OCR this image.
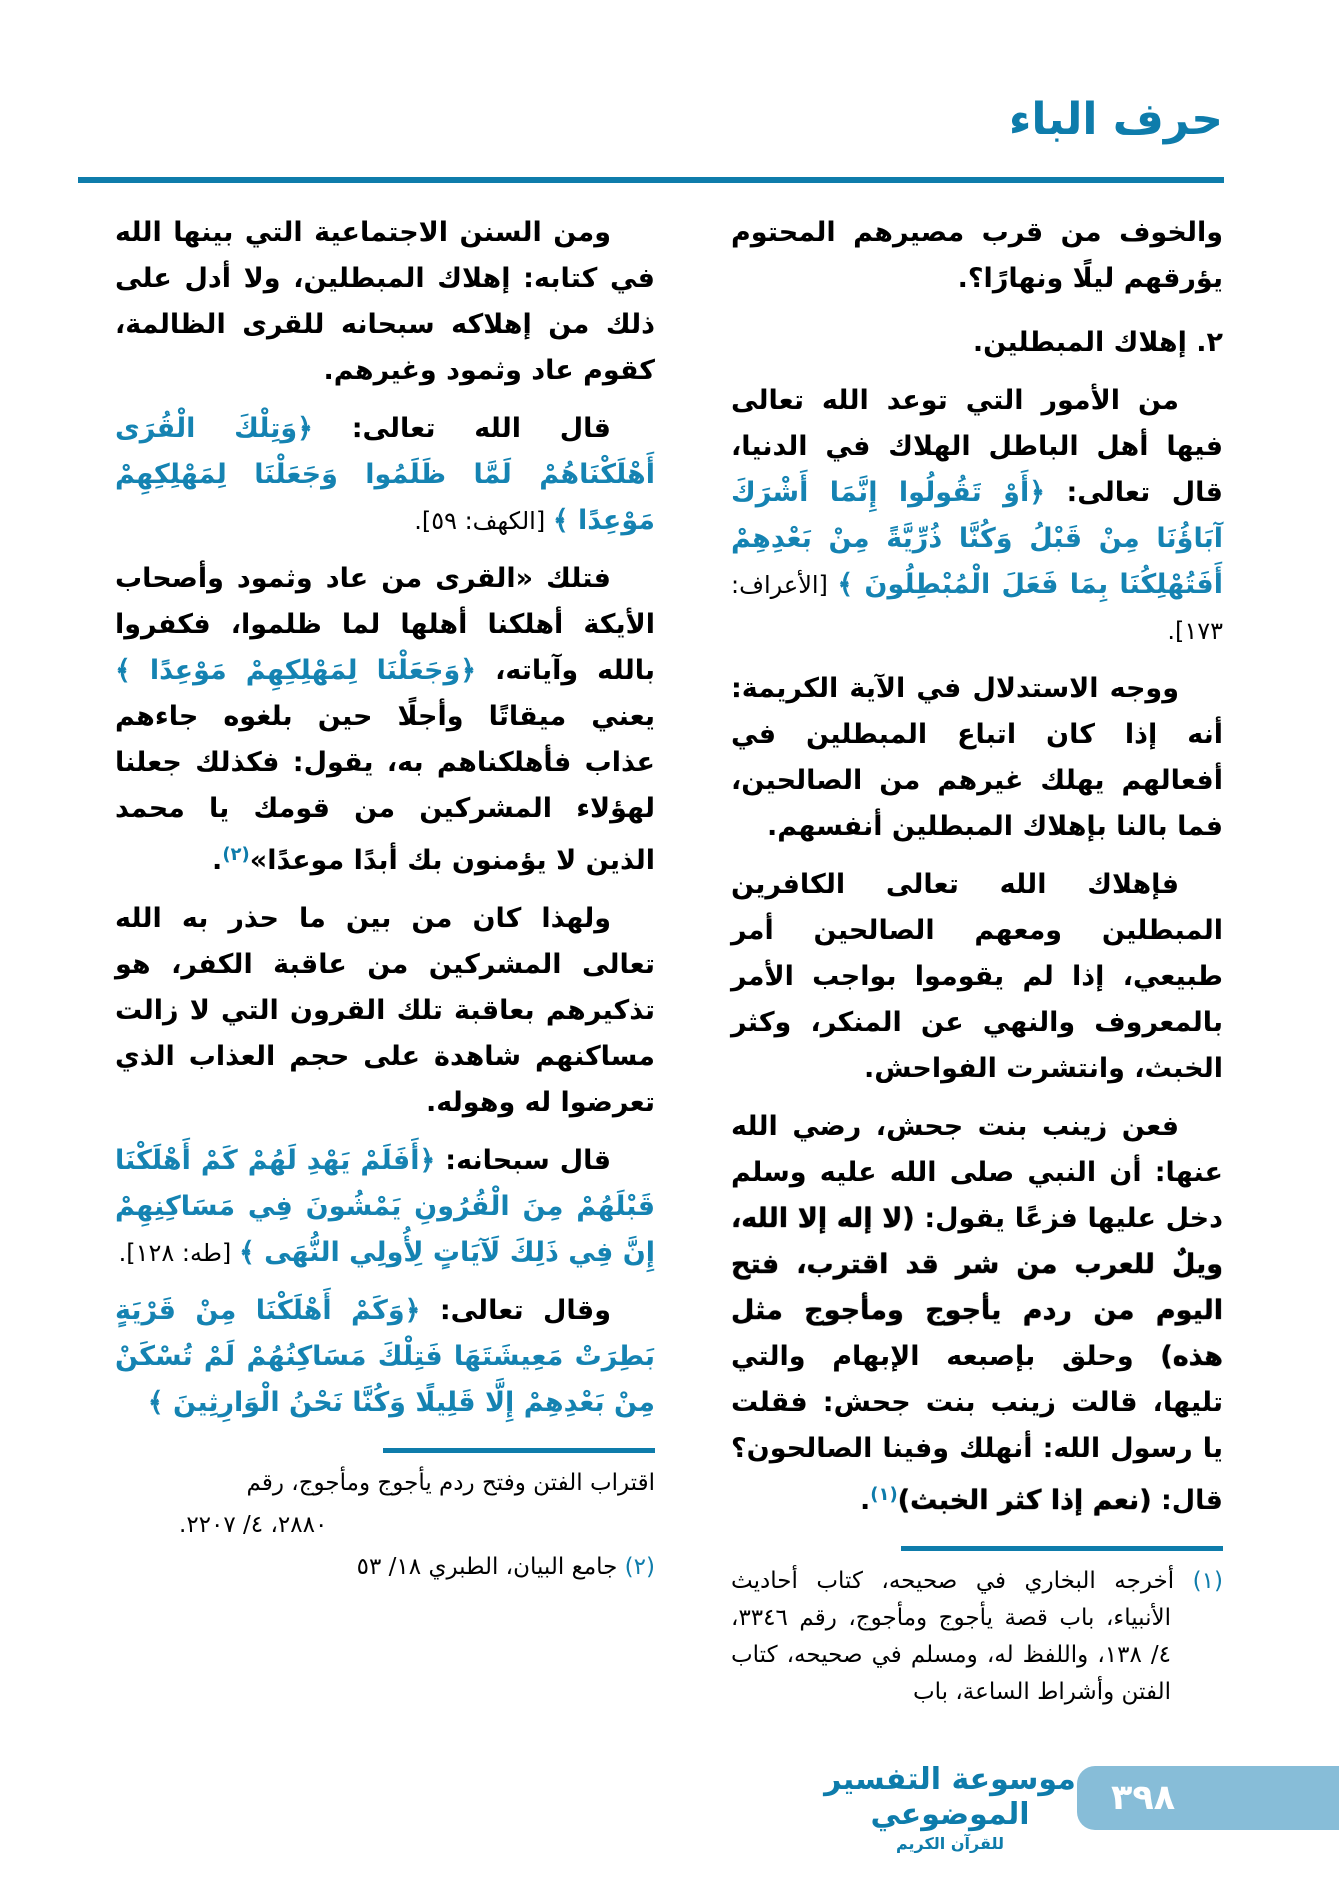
حرف الباء

والخوف من قرب مصيرهم المحتوم يؤرقهم ليلًا ونهارًا؟.

٢. إهلاك المبطلين.

من الأمور التي توعد الله تعالى فيها أهل الباطل الهلاك في الدنيا، قال تعالى: ﴿أَوْ تَقُولُوا إِنَّمَا أَشْرَكَ آبَاؤُنَا مِنْ قَبْلُ وَكُنَّا ذُرِّيَّةً مِنْ بَعْدِهِمْ أَفَتُهْلِكُنَا بِمَا فَعَلَ الْمُبْطِلُونَ ﴾ [الأعراف: ١٧٣].

ووجه الاستدلال في الآية الكريمة: أنه إذا كان اتباع المبطلين في أفعالهم يهلك غيرهم من الصالحين، فما بالنا بإهلاك المبطلين أنفسهم.

فإهلاك الله تعالى الكافرين المبطلين ومعهم الصالحين أمر طبيعي، إذا لم يقوموا بواجب الأمر بالمعروف والنهي عن المنكر، وكثر الخبث، وانتشرت الفواحش.

فعن زينب بنت جحش، رضي الله عنها: أن النبي صلى الله عليه وسلم دخل عليها فزعًا يقول: (لا إله إلا الله، ويلٌ للعرب من شر قد اقترب، فتح اليوم من ردم يأجوج ومأجوج مثل هذه) وحلق بإصبعه الإبهام والتي تليها، قالت زينب بنت جحش: فقلت يا رسول الله: أنهلك وفينا الصالحون؟ قال: (نعم إذا كثر الخبث)$^{(١)}$.

(١) أخرجه البخاري في صحيحه، كتاب أحاديث الأنبياء، باب قصة يأجوج ومأجوج، رقم ٣٣٤٦، ٤/ ١٣٨، واللفظ له، ومسلم في صحيحه، كتاب الفتن وأشراط الساعة، باب

ومن السنن الاجتماعية التي بينها الله في كتابه: إهلاك المبطلين، ولا أدل على ذلك من إهلاكه سبحانه للقرى الظالمة، كقوم عاد وثمود وغيرهم.

قال الله تعالى: ﴿وَتِلْكَ الْقُرَى أَهْلَكْنَاهُمْ لَمَّا ظَلَمُوا وَجَعَلْنَا لِمَهْلِكِهِمْ مَوْعِدًا ﴾ [الكهف: ٥٩].

فتلك «القرى من عاد وثمود وأصحاب الأيكة أهلكنا أهلها لما ظلموا، فكفروا بالله وآياته، ﴿وَجَعَلْنَا لِمَهْلِكِهِمْ مَوْعِدًا ﴾ يعني ميقاتًا وأجلًا حين بلغوه جاءهم عذاب فأهلكناهم به، يقول: فكذلك جعلنا لهؤلاء المشركين من قومك يا محمد الذين لا يؤمنون بك أبدًا موعدًا»$^{(٢)}$.

ولهذا كان من بين ما حذر به الله تعالى المشركين من عاقبة الكفر، هو تذكيرهم بعاقبة تلك القرون التي لا زالت مساكنهم شاهدة على حجم العذاب الذي تعرضوا له وهوله.

قال سبحانه: ﴿أَفَلَمْ يَهْدِ لَهُمْ كَمْ أَهْلَكْنَا قَبْلَهُمْ مِنَ الْقُرُونِ يَمْشُونَ فِي مَسَاكِنِهِمْ إِنَّ فِي ذَلِكَ لَآيَاتٍ لِأُولِي النُّهَى ﴾ [طه: ١٢٨].

وقال تعالى: ﴿وَكَمْ أَهْلَكْنَا مِنْ قَرْيَةٍ بَطِرَتْ مَعِيشَتَهَا فَتِلْكَ مَسَاكِنُهُمْ لَمْ تُسْكَنْ مِنْ بَعْدِهِمْ إِلَّا قَلِيلًا وَكُنَّا نَحْنُ الْوَارِثِينَ ﴾

اقتراب الفتن وفتح ردم يأجوج ومأجوج، رقم

٢٨٨٠، ٤/ ٢٢٠٧.

(٢) جامع البيان، الطبري ١٨/ ٥٣

موسوعة التفسير الموضوعي
للقرآن الكريم
٣٩٨
